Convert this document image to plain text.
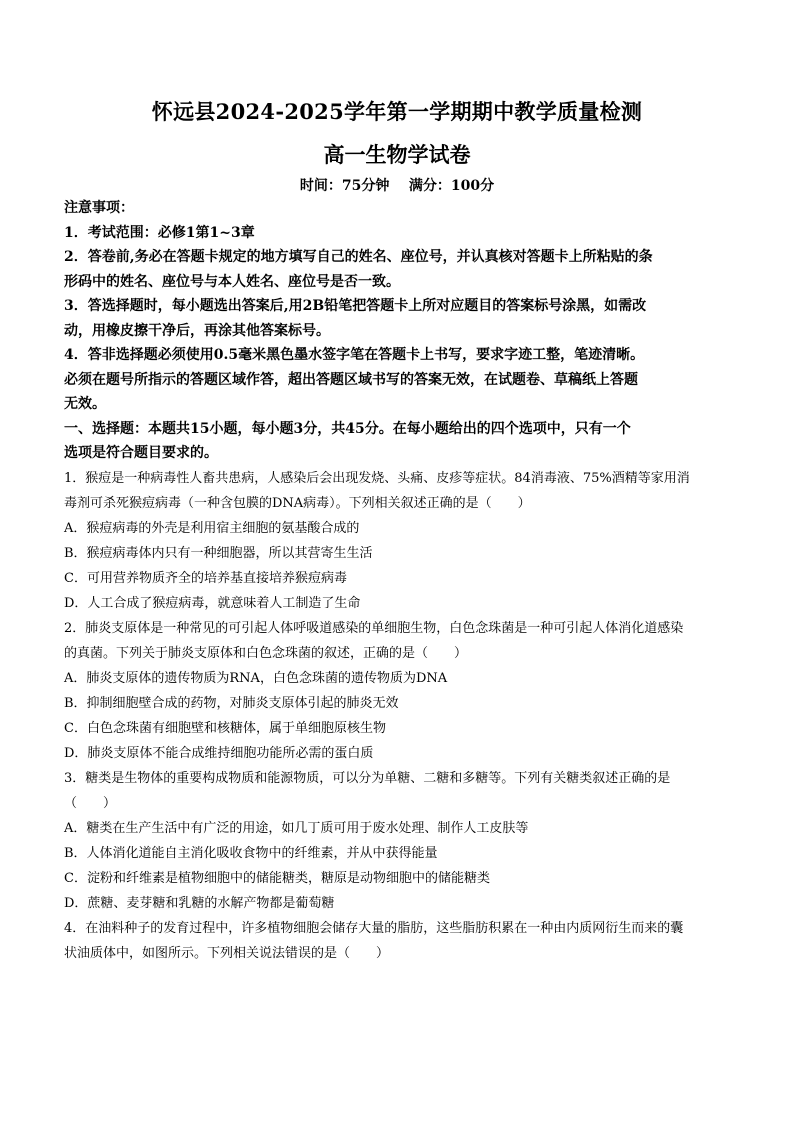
怀远县2024-2025学年第一学期期中教学质量检测
高一生物学试卷
时间：75分钟 满分：100分
注意事项：
1．考试范围：必修1第1~3章
2．答卷前,务必在答题卡规定的地方填写自己的姓名、座位号，并认真核对答题卡上所粘贴的条
形码中的姓名、座位号与本人姓名、座位号是否一致。
3．答选择题时，每小题选出答案后,用2B铅笔把答题卡上所对应题目的答案标号涂黑，如需改
动，用橡皮擦干净后，再涂其他答案标号。
4．答非选择题必须使用0.5毫米黑色墨水签字笔在答题卡上书写，要求字迹工整，笔迹清晰。
必须在题号所指示的答题区域作答，超出答题区域书写的答案无效，在试题卷、草稿纸上答题
无效。
一、选择题：本题共15小题，每小题3分，共45分。在每小题给出的四个选项中，只有一个
选项是符合题目要求的。
1．猴痘是一种病毒性人畜共患病，人感染后会出现发烧、头痛、皮疹等症状。84消毒液、75%酒精等家用消
毒剂可杀死猴痘病毒（一种含包膜的DNA病毒）。下列相关叙述正确的是（　　）
A．猴痘病毒的外壳是利用宿主细胞的氨基酸合成的
B．猴痘病毒体内只有一种细胞器，所以其营寄生生活
C．可用营养物质齐全的培养基直接培养猴痘病毒
D．人工合成了猴痘病毒，就意味着人工制造了生命
2．肺炎支原体是一种常见的可引起人体呼吸道感染的单细胞生物，白色念珠菌是一种可引起人体消化道感染
的真菌。下列关于肺炎支原体和白色念珠菌的叙述，正确的是（　　）
A．肺炎支原体的遗传物质为RNA，白色念珠菌的遗传物质为DNA
B．抑制细胞壁合成的药物，对肺炎支原体引起的肺炎无效
C．白色念珠菌有细胞壁和核糖体，属于单细胞原核生物
D．肺炎支原体不能合成维持细胞功能所必需的蛋白质
3．糖类是生物体的重要构成物质和能源物质，可以分为单糖、二糖和多糖等。下列有关糖类叙述正确的是
（　　）
A．糖类在生产生活中有广泛的用途，如几丁质可用于废水处理、制作人工皮肤等
B．人体消化道能自主消化吸收食物中的纤维素，并从中获得能量
C．淀粉和纤维素是植物细胞中的储能糖类，糖原是动物细胞中的储能糖类
D．蔗糖、麦芽糖和乳糖的水解产物都是葡萄糖
4．在油料种子的发育过程中，许多植物细胞会储存大量的脂肪，这些脂肪积累在一种由内质网衍生而来的囊
状油质体中，如图所示。下列相关说法错误的是（　　）
